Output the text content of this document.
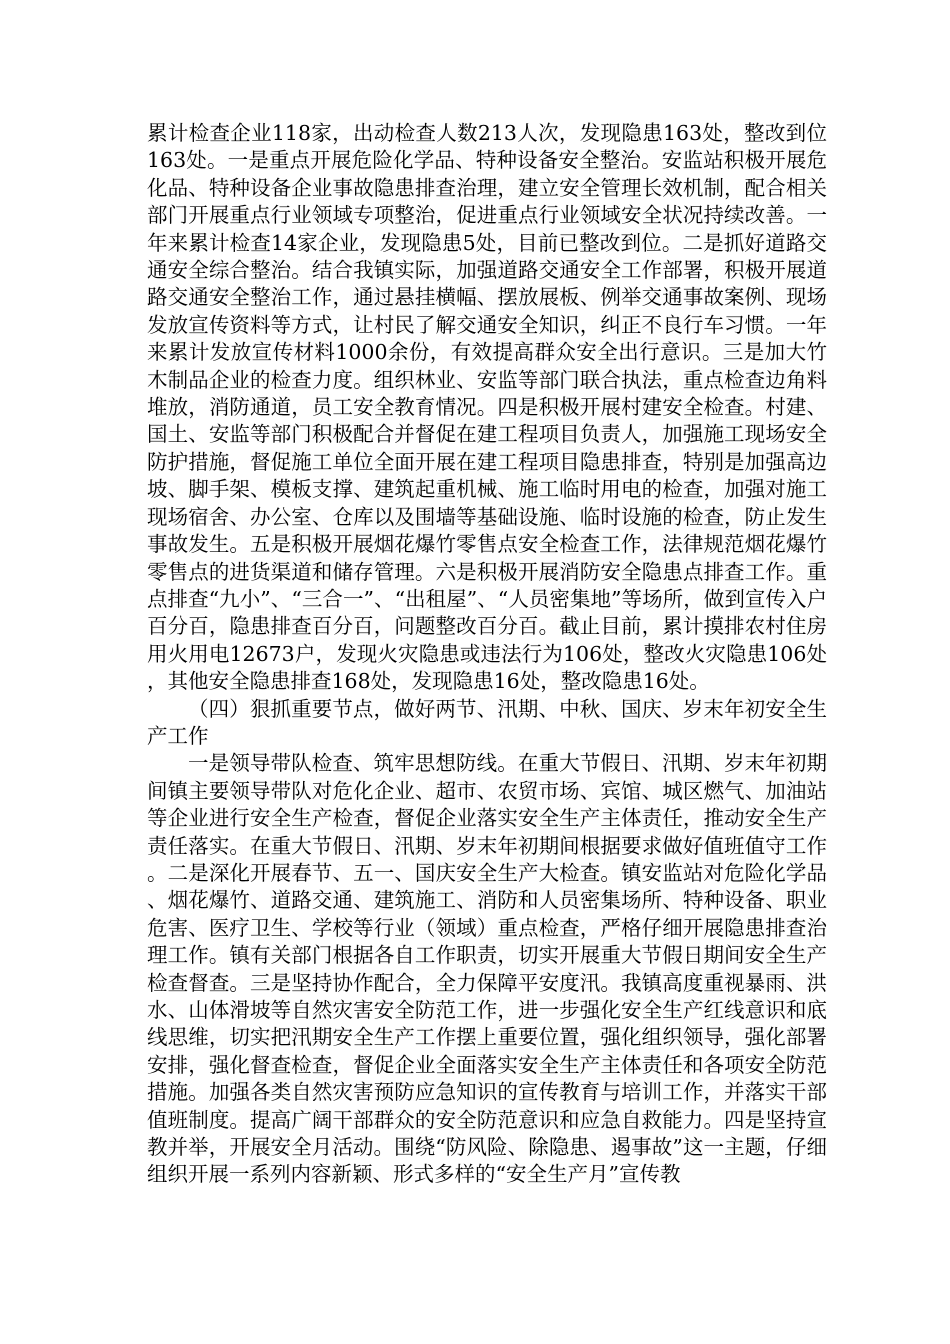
累计检查企业118家，出动检查人数213人次，发现隐患163处，整改到位163处。一是重点开展危险化学品、特种设备安全整治。安监站积极开展危化品、特种设备企业事故隐患排查治理，建立安全管理长效机制，配合相关部门开展重点行业领域专项整治，促进重点行业领域安全状况持续改善。一年来累计检查14家企业，发现隐患5处，目前已整改到位。二是抓好道路交通安全综合整治。结合我镇实际，加强道路交通安全工作部署，积极开展道路交通安全整治工作，通过悬挂横幅、摆放展板、例举交通事故案例、现场发放宣传资料等方式，让村民了解交通安全知识，纠正不良行车习惯。一年来累计发放宣传材料1000余份，有效提高群众安全出行意识。三是加大竹木制品企业的检查力度。组织林业、安监等部门联合执法，重点检查边角料堆放，消防通道，员工安全教育情况。四是积极开展村建安全检查。村建、国土、安监等部门积极配合并督促在建工程项目负责人，加强施工现场安全防护措施，督促施工单位全面开展在建工程项目隐患排查，特别是加强高边坡、脚手架、模板支撑、建筑起重机械、施工临时用电的检查，加强对施工现场宿舍、办公室、仓库以及围墙等基础设施、临时设施的检查，防止发生事故发生。五是积极开展烟花爆竹零售点安全检查工作，法律规范烟花爆竹零售点的进货渠道和储存管理。六是积极开展消防安全隐患点排查工作。重点排查“九小”、“三合一”、“出租屋”、“人员密集地”等场所，做到宣传入户百分百，隐患排查百分百，问题整改百分百。截止目前，累计摸排农村住房用火用电12673户，发现火灾隐患或违法行为106处，整改火灾隐患106处，其他安全隐患排查168处，发现隐患16处，整改隐患16处。

（四）狠抓重要节点，做好两节、汛期、中秋、国庆、岁末年初安全生产工作

一是领导带队检查、筑牢思想防线。在重大节假日、汛期、岁末年初期间镇主要领导带队对危化企业、超市、农贸市场、宾馆、城区燃气、加油站等企业进行安全生产检查，督促企业落实安全生产主体责任，推动安全生产责任落实。在重大节假日、汛期、岁末年初期间根据要求做好值班值守工作。二是深化开展春节、五一、国庆安全生产大检查。镇安监站对危险化学品、烟花爆竹、道路交通、建筑施工、消防和人员密集场所、特种设备、职业危害、医疗卫生、学校等行业（领域）重点检查，严格仔细开展隐患排查治理工作。镇有关部门根据各自工作职责，切实开展重大节假日期间安全生产检查督查。三是坚持协作配合，全力保障平安度汛。我镇高度重视暴雨、洪水、山体滑坡等自然灾害安全防范工作，进一步强化安全生产红线意识和底线思维，切实把汛期安全生产工作摆上重要位置，强化组织领导，强化部署安排，强化督查检查，督促企业全面落实安全生产主体责任和各项安全防范措施。加强各类自然灾害预防应急知识的宣传教育与培训工作，并落实干部值班制度。提高广阔干部群众的安全防范意识和应急自救能力。四是坚持宣教并举，开展安全月活动。围绕“防风险、除隐患、遏事故”这一主题，仔细组织开展一系列内容新颖、形式多样的“安全生产月”宣传教
